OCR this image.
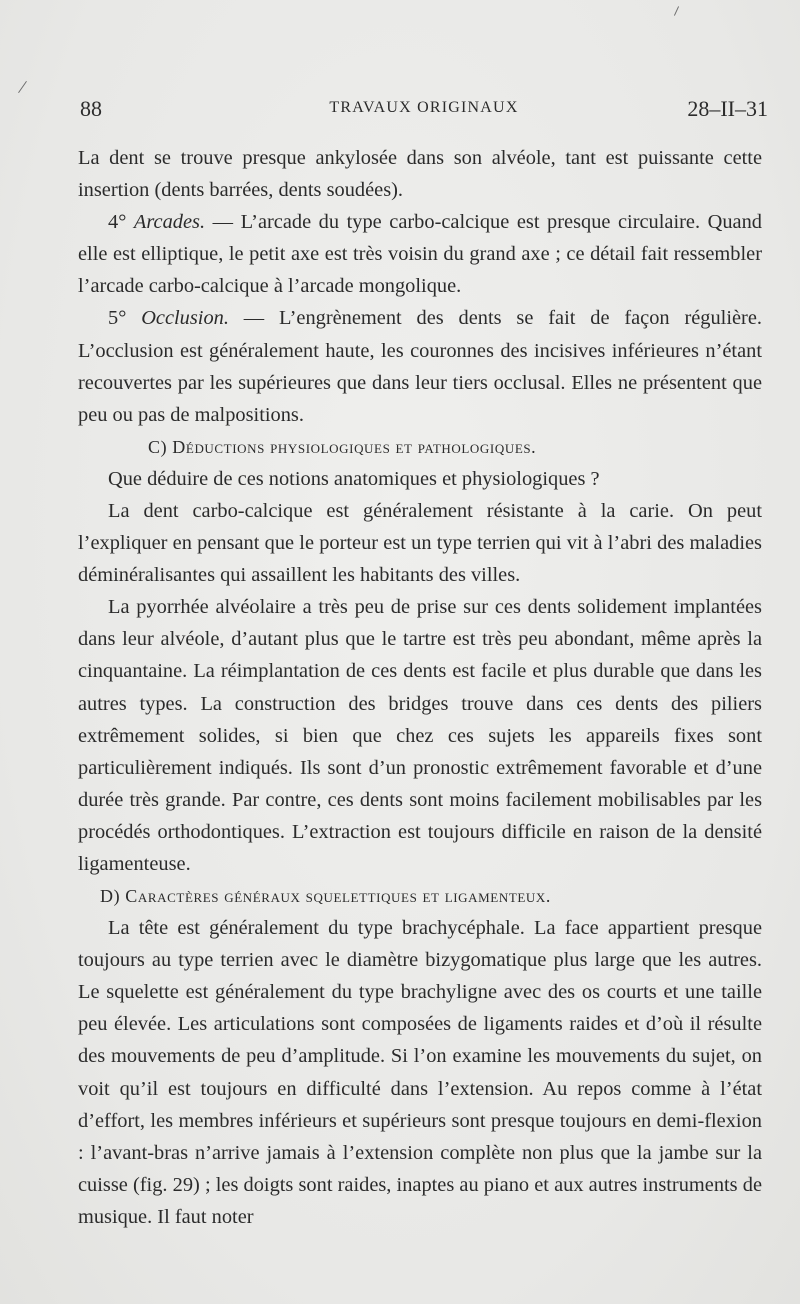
88	TRAVAUX ORIGINAUX	28–II–31

La dent se trouve presque ankylosée dans son alvéole, tant est puissante cette insertion (dents barrées, dents soudées).

4° Arcades. — L’arcade du type carbo-calcique est presque circulaire. Quand elle est elliptique, le petit axe est très voisin du grand axe ; ce détail fait ressembler l’arcade carbo-calcique à l’arcade mongolique.

5° Occlusion. — L’engrènement des dents se fait de façon régulière. L’occlusion est généralement haute, les couronnes des incisives inférieures n’étant recouvertes par les supérieures que dans leur tiers occlusal. Elles ne présentent que peu ou pas de malpositions.

C) Déductions physiologiques et pathologiques.

Que déduire de ces notions anatomiques et physiologiques ?

La dent carbo-calcique est généralement résistante à la carie. On peut l’expliquer en pensant que le porteur est un type terrien qui vit à l’abri des maladies déminéralisantes qui assaillent les habitants des villes.

La pyorrhée alvéolaire a très peu de prise sur ces dents solidement implantées dans leur alvéole, d’autant plus que le tartre est très peu abondant, même après la cinquantaine. La réimplantation de ces dents est facile et plus durable que dans les autres types. La construction des bridges trouve dans ces dents des piliers extrêmement solides, si bien que chez ces sujets les appareils fixes sont particulièrement indiqués. Ils sont d’un pronostic extrêmement favorable et d’une durée très grande. Par contre, ces dents sont moins facilement mobilisables par les procédés orthodontiques. L’extraction est toujours difficile en raison de la densité ligamenteuse.

D) Caractères généraux squelettiques et ligamenteux.

La tête est généralement du type brachycéphale. La face appartient presque toujours au type terrien avec le diamètre bizygomatique plus large que les autres. Le squelette est généralement du type brachyligne avec des os courts et une taille peu élevée. Les articulations sont composées de ligaments raides et d’où il résulte des mouvements de peu d’amplitude. Si l’on examine les mouvements du sujet, on voit qu’il est toujours en difficulté dans l’extension. Au repos comme à l’état d’effort, les membres inférieurs et supérieurs sont presque toujours en demi-flexion : l’avant-bras n’arrive jamais à l’extension complète non plus que la jambe sur la cuisse (fig. 29) ; les doigts sont raides, inaptes au piano et aux autres instruments de musique. Il faut noter
